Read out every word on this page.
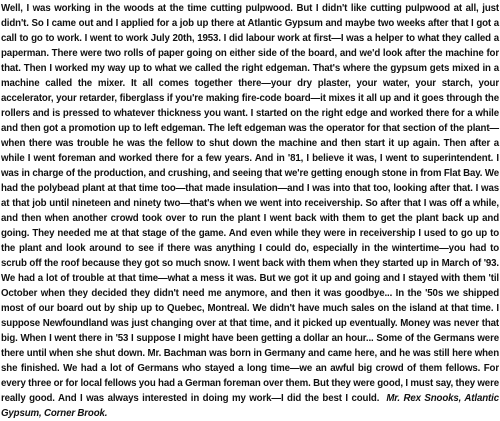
Well, I was working in the woods at the time cutting pulpwood. But I didn't like cutting pulpwood at all, just didn't. So I came out and I applied for a job up there at Atlantic Gypsum and maybe two weeks after that I got a call to go to work. I went to work July 20th, 1953. I did labour work at first—I was a helper to what they called a paperman. There were two rolls of paper going on either side of the board, and we'd look after the machine for that. Then I worked my way up to what we called the right edgeman. That's where the gypsum gets mixed in a machine called the mixer. It all comes together there—your dry plaster, your water, your starch, your accelerator, your retarder, fiberglass if you're making fire-code board—it mixes it all up and it goes through the rollers and is pressed to whatever thickness you want. I started on the right edge and worked there for a while and then got a promotion up to left edgeman. The left edgeman was the operator for that section of the plant—when there was trouble he was the fellow to shut down the machine and then start it up again. Then after a while I went foreman and worked there for a few years. And in '81, I believe it was, I went to superintendent. I was in charge of the production, and crushing, and seeing that we're getting enough stone in from Flat Bay. We had the polybead plant at that time too—that made insulation—and I was into that too, looking after that. I was at that job until nineteen and ninety two—that's when we went into receivership. So after that I was off a while, and then when another crowd took over to run the plant I went back with them to get the plant back up and going. They needed me at that stage of the game. And even while they were in receivership I used to go up to the plant and look around to see if there was anything I could do, especially in the wintertime—you had to scrub off the roof because they got so much snow. I went back with them when they started up in March of '93. We had a lot of trouble at that time—what a mess it was. But we got it up and going and I stayed with them 'til October when they decided they didn't need me anymore, and then it was goodbye... In the '50s we shipped most of our board out by ship up to Quebec, Montreal. We didn't have much sales on the island at that time. I suppose Newfoundland was just changing over at that time, and it picked up eventually. Money was never that big. When I went there in '53 I suppose I might have been getting a dollar an hour... Some of the Germans were there until when she shut down. Mr. Bachman was born in Germany and came here, and he was still here when she finished. We had a lot of Germans who stayed a long time—we an awful big crowd of them fellows. For every three or for local fellows you had a German foreman over them. But they were good, I must say, they were really good. And I was always interested in doing my work—I did the best I could. Mr. Rex Snooks, Atlantic Gypsum, Corner Brook.
